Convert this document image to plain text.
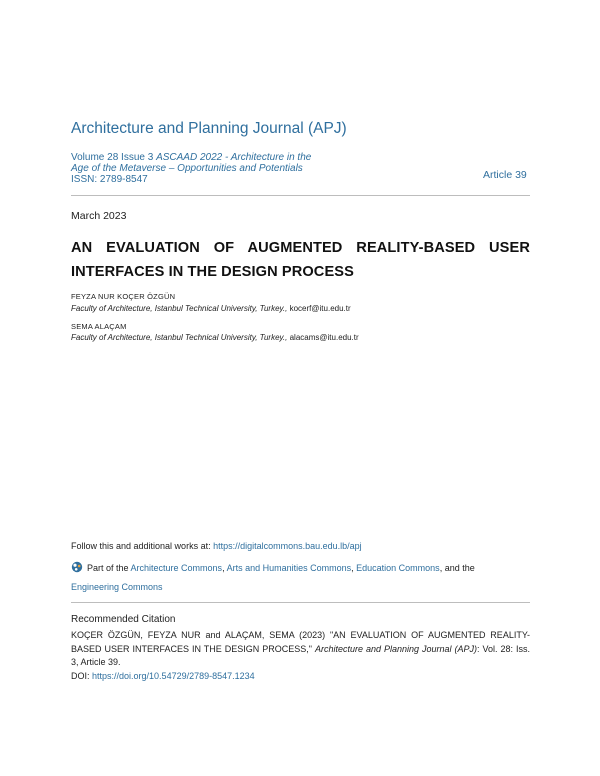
Architecture and Planning Journal (APJ)
Volume 28 Issue 3 ASCAAD 2022 - Architecture in the Age of the Metaverse – Opportunities and Potentials
ISSN: 2789-8547	Article 39
March 2023
AN EVALUATION OF AUGMENTED REALITY-BASED USER INTERFACES IN THE DESIGN PROCESS
FEYZA NUR KOÇER ÖZGÜN
Faculty of Architecture, Istanbul Technical University, Turkey., kocerf@itu.edu.tr
SEMA ALAÇAM
Faculty of Architecture, Istanbul Technical University, Turkey., alacams@itu.edu.tr
Follow this and additional works at: https://digitalcommons.bau.edu.lb/apj
Part of the Architecture Commons, Arts and Humanities Commons, Education Commons, and the
Engineering Commons
Recommended Citation
KOÇER ÖZGÜN, FEYZA NUR and ALAÇAM, SEMA (2023) "AN EVALUATION OF AUGMENTED REALITY-BASED USER INTERFACES IN THE DESIGN PROCESS," Architecture and Planning Journal (APJ): Vol. 28: Iss. 3, Article 39.
DOI: https://doi.org/10.54729/2789-8547.1234
